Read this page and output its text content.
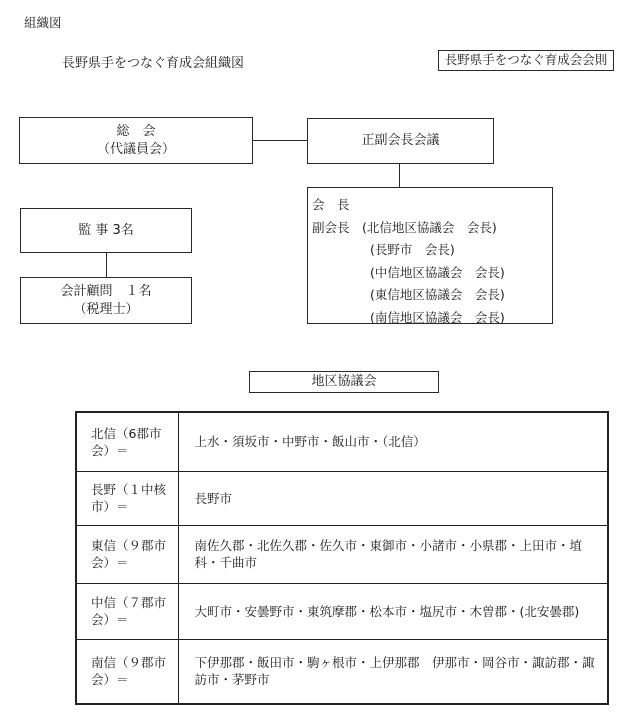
組織図
長野県手をつなぐ育成会組織図	長野県手をつなぐ育成会会則
総　会
（代議員会）
正副会長会議
会　長
副会長　(北信地区協議会　会長)
(長野市　会長)
(中信地区協議会　会長)
(東信地区協議会　会長)
(南信地区協議会　会長)
監 事 3名
会計顧問　１名
（税理士）
地区協議会
北信（6郡市会）＝	上水・須坂市・中野市・飯山市・（北信）
長野（１中核市）＝	長野市
東信（９郡市会）＝	南佐久郡・北佐久郡・佐久市・東御市・小諸市・小県郡・上田市・埴科・千曲市
中信（７郡市会）＝	大町市・安曇野市・東筑摩郡・松本市・塩尻市・木曽郡・(北安曇郡)
南信（９郡市会）＝	下伊那郡・飯田市・駒ヶ根市・上伊那郡　伊那市・岡谷市・諏訪郡・諏訪市・茅野市
